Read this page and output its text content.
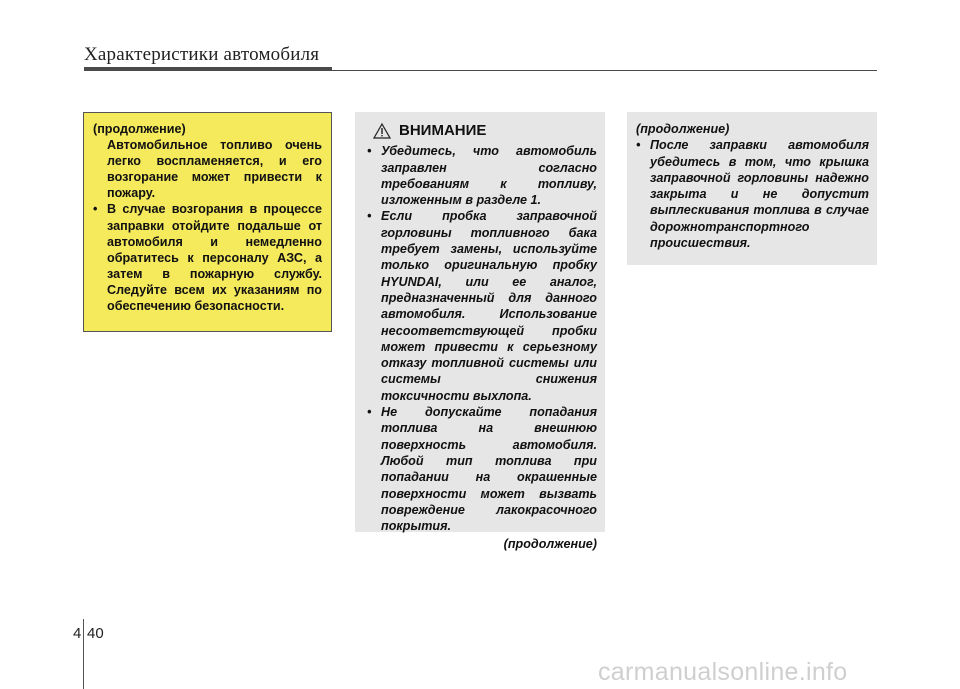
Характеристики автомобиля
(продолжение)
Автомобильное топливо очень легко воспламеняется, и его возгорание может привести к пожару.
• В случае возгорания в процессе заправки отойдите подальше от автомобиля и немедленно обратитесь к персоналу АЗС, а затем в пожарную службу. Следуйте всем их указаниям по обеспечению безопасности.
ВНИМАНИЕ
• Убедитесь, что автомобиль заправлен согласно требованиям к топливу, изложенным в разделе 1.
• Если пробка заправочной горловины топливного бака требует замены, используйте только оригинальную пробку HYUNDAI, или ее аналог, предназначенный для данного автомобиля. Использование несоответствующей пробки может привести к серьезному отказу топливной системы или системы снижения токсичности выхлопа.
• Не допускайте попадания топлива на внешнюю поверхность автомобиля. Любой тип топлива при попадании на окрашенные поверхности может вызвать повреждение лакокрасочного покрытия.
(продолжение)
(продолжение)
• После заправки автомобиля убедитесь в том, что крышка заправочной горловины надежно закрыта и не допустит выплескивания топлива в случае дорожнотранспортного происшествия.
4 40
carmanualsonline.info
